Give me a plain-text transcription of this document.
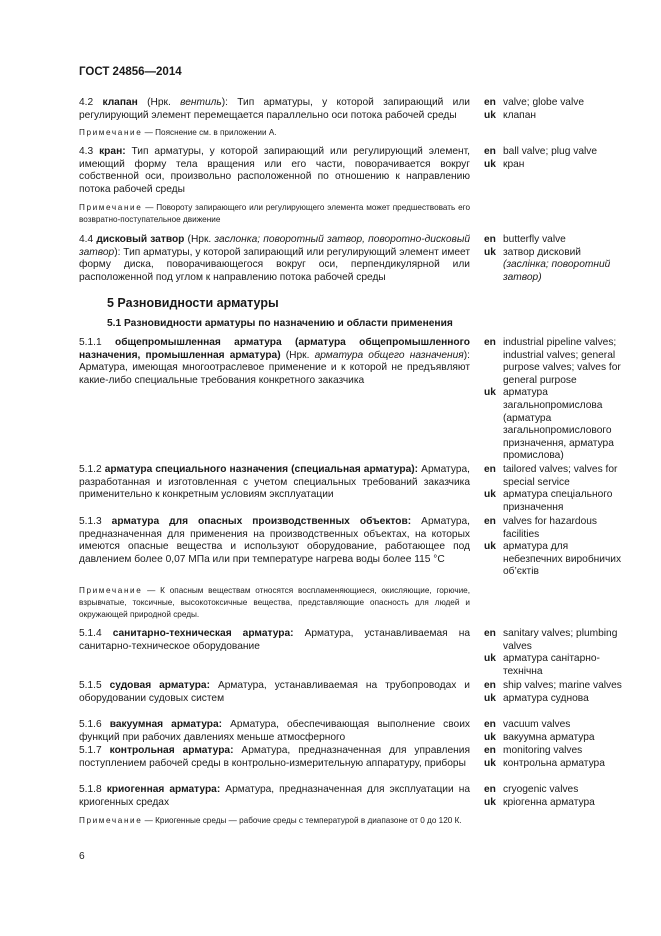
ГОСТ 24856—2014
4.2 клапан (Нрк. вентиль): Тип арматуры, у которой запирающий или регулирующий элемент перемещается параллельно оси потока рабочей среды
Примечание — Пояснение см. в приложении А.
en valve; globe valve
uk клапан
4.3 кран: Тип арматуры, у которой запирающий или регулирующий элемент, имеющий форму тела вращения или его части, поворачивается вокруг собственной оси, произвольно расположенной по отношению к направлению потока рабочей среды
Примечание — Повороту запирающего или регулирующего элемента может предшествовать его возвратно-поступательное движение
en ball valve; plug valve
uk кран
4.4 дисковый затвор (Нрк. заслонка; поворотный затвор, поворотно-дисковый затвор): Тип арматуры, у которой запирающий или регулирующий элемент имеет форму диска, поворачивающегося вокруг оси, перпендикулярной или расположенной под углом к направлению потока рабочей среды
en butterfly valve
uk затвор дисковий
(заслінка; поворотний затвор)
5 Разновидности арматуры
5.1 Разновидности арматуры по назначению и области применения
5.1.1 общепромышленная арматура (арматура общепромышленного назначения, промышленная арматура) (Нрк. арматура общего назначения): Арматура, имеющая многоотраслевое применение и к которой не предъявляют какие-либо специальные требования конкретного заказчика
en industrial pipeline valves; industrial valves; general purpose valves; valves for general purpose
uk арматура загальнопромислова (арматура загальнопромислового призначення, арматура промислова)
5.1.2 арматура специального назначения (специальная арматура): Арматура, разработанная и изготовленная с учетом специальных требований заказчика применительно к конкретным условиям эксплуатации
en tailored valves; valves for special service
uk арматура спеціального призначення
5.1.3 арматура для опасных производственных объектов: Арматура, предназначенная для применения на производственных объектах, на которых имеются опасные вещества и используют оборудование, работающее под давлением более 0,07 МПа или при температуре нагрева воды более 115 °С
Примечание — К опасным веществам относятся воспламеняющиеся, окисляющие, горючие, взрывчатые, токсичные, высокотоксичные вещества, представляющие опасность для людей и окружающей природной среды.
en valves for hazardous facilities
uk арматура для небезпечних виробничих об’єктів
5.1.4 санитарно-техническая арматура: Арматура, устанавливаемая на санитарно-техническое оборудование
en sanitary valves; plumbing valves
uk арматура санітарно-технічна
5.1.5 судовая арматура: Арматура, устанавливаемая на трубопроводах и оборудовании судовых систем
en ship valves; marine valves
uk арматура суднова
5.1.6 вакуумная арматура: Арматура, обеспечивающая выполнение своих функций при рабочих давлениях меньше атмосферного
en vacuum valves
uk вакуумна арматура
5.1.7 контрольная арматура: Арматура, предназначенная для управления поступлением рабочей среды в контрольно-измерительную аппаратуру, приборы
en monitoring valves
uk контрольна арматура
5.1.8 криогенная арматура: Арматура, предназначенная для эксплуатации на криогенных средах
Примечание — Криогенные среды — рабочие среды с температурой в диапазоне от 0 до 120 К.
en cryogenic valves
uk кріогенна арматура
6
